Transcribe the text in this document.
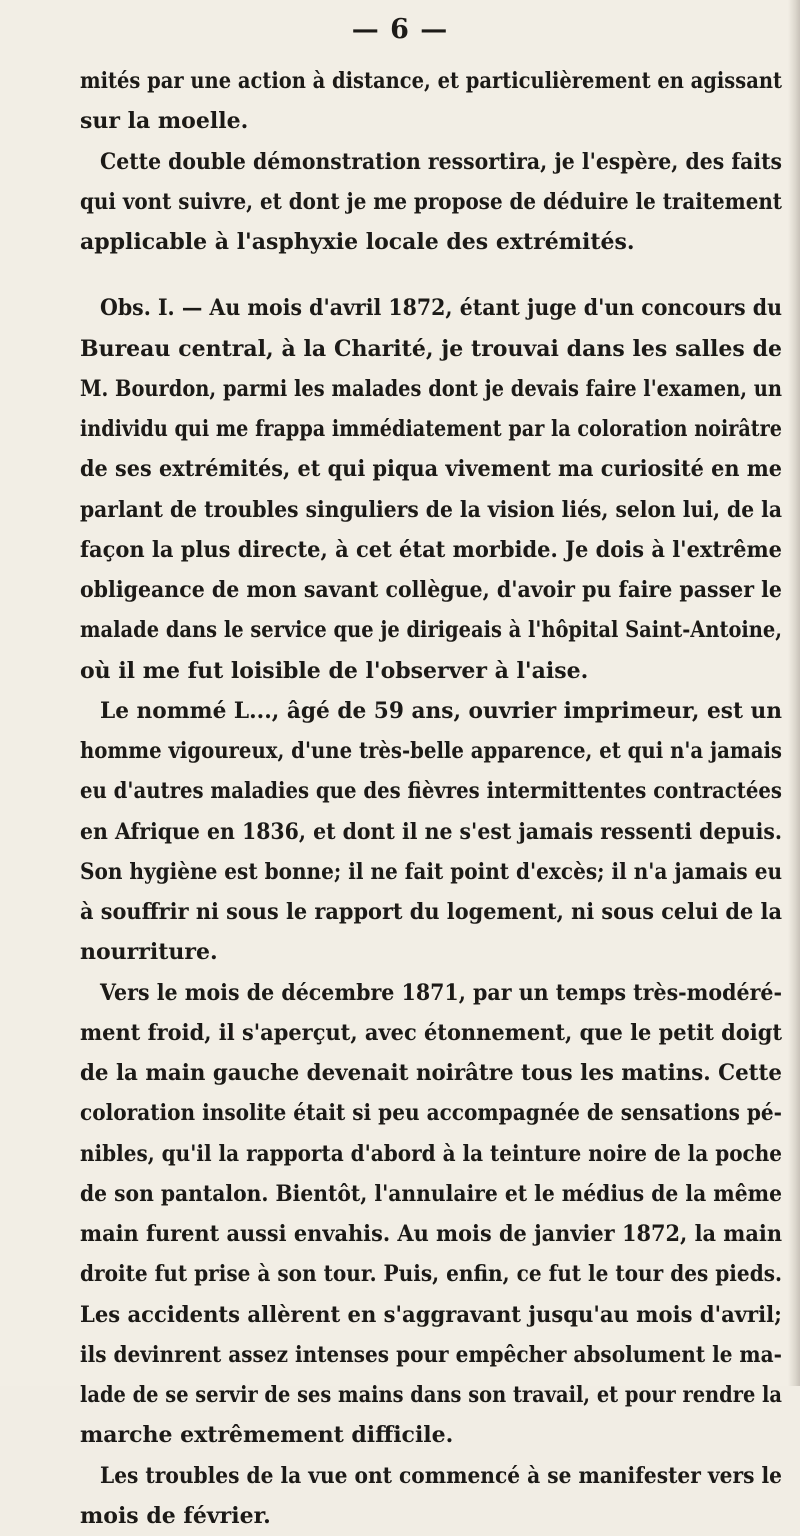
— 6 —
mités par une action à distance, et particulièrement en agissant
sur la moelle.
Cette double démonstration ressortira, je l'espère, des faits
qui vont suivre, et dont je me propose de déduire le traitement
applicable à l'asphyxie locale des extrémités.
Obs. I. — Au mois d'avril 1872, étant juge d'un concours du
Bureau central, à la Charité, je trouvai dans les salles de
M. Bourdon, parmi les malades dont je devais faire l'examen, un
individu qui me frappa immédiatement par la coloration noirâtre
de ses extrémités, et qui piqua vivement ma curiosité en me
parlant de troubles singuliers de la vision liés, selon lui, de la
façon la plus directe, à cet état morbide. Je dois à l'extrême
obligeance de mon savant collègue, d'avoir pu faire passer le
malade dans le service que je dirigeais à l'hôpital Saint-Antoine,
où il me fut loisible de l'observer à l'aise.
Le nommé L..., âgé de 59 ans, ouvrier imprimeur, est un
homme vigoureux, d'une très-belle apparence, et qui n'a jamais
eu d'autres maladies que des fièvres intermittentes contractées
en Afrique en 1836, et dont il ne s'est jamais ressenti depuis.
Son hygiène est bonne; il ne fait point d'excès; il n'a jamais eu
à souffrir ni sous le rapport du logement, ni sous celui de la
nourriture.
Vers le mois de décembre 1871, par un temps très-modéré-
ment froid, il s'aperçut, avec étonnement, que le petit doigt
de la main gauche devenait noirâtre tous les matins. Cette
coloration insolite était si peu accompagnée de sensations pé-
nibles, qu'il la rapporta d'abord à la teinture noire de la poche
de son pantalon. Bientôt, l'annulaire et le médius de la même
main furent aussi envahis. Au mois de janvier 1872, la main
droite fut prise à son tour. Puis, enfin, ce fut le tour des pieds.
Les accidents allèrent en s'aggravant jusqu'au mois d'avril;
ils devinrent assez intenses pour empêcher absolument le ma-
lade de se servir de ses mains dans son travail, et pour rendre la
marche extrêmement difficile.
Les troubles de la vue ont commencé à se manifester vers le
mois de février.
